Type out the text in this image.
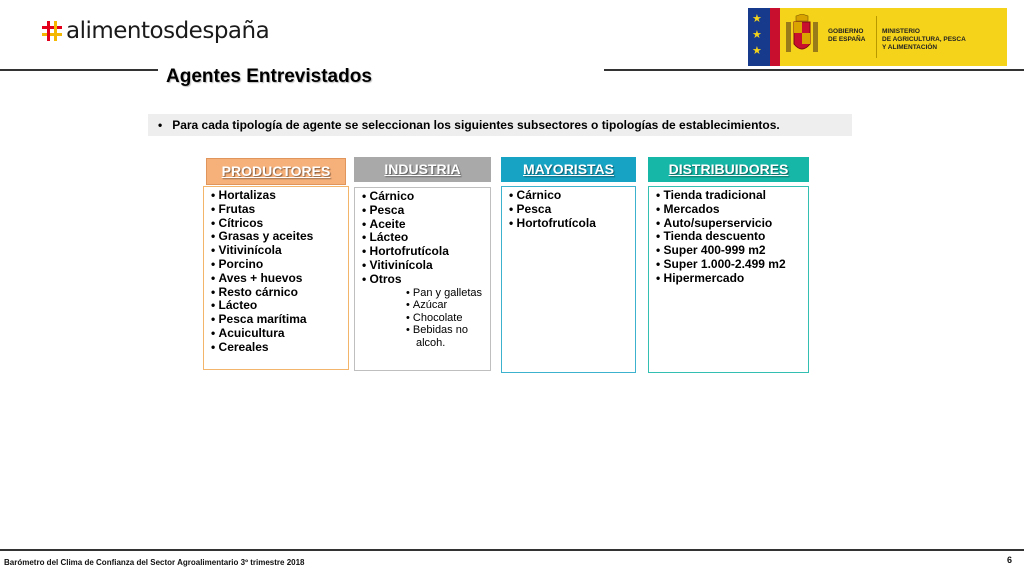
alimentosdespaña	★
★
★
GOBIERNO
DE ESPAÑA
MINISTERIO
DE AGRICULTURA, PESCA
Y ALIMENTACIÓN
Agentes Entrevistados
• Para cada tipología de agente se seleccionan los siguientes subsectores o tipologías de establecimientos.
PRODUCTORES
• Hortalizas
• Frutas
• Cítricos
• Grasas y aceites
• Vitivinícola
• Porcino
• Aves + huevos
• Resto cárnico
• Lácteo
• Pesca marítima
• Acuicultura
• Cereales
INDUSTRIA
• Cárnico
• Pesca
• Aceite
• Lácteo
• Hortofrutícola
• Vitivinícola
• Otros
• Pan y galletas
• Azúcar
• Chocolate
• Bebidas no alcoh.
MAYORISTAS
• Cárnico
• Pesca
• Hortofrutícola
DISTRIBUIDORES
• Tienda tradicional
• Mercados
• Auto/superservicio
• Tienda descuento
• Super 400-999 m2
• Super 1.000-2.499 m2
• Hipermercado
Barómetro del Clima de Confianza del Sector Agroalimentario 3º trimestre 2018	6
